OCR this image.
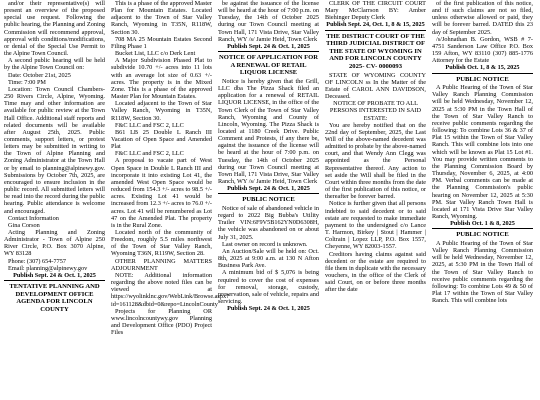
and/or their representative(s) will present an overview of the proposed special use request. Following the public hearing, the Planning and Zoning Commission will recommend approval, approval with conditions/modifications, or denial of the Special Use Permit to the Alpine Town Council.

A second public hearing will be held by the Alpine Town Council on:

Date: October 21st, 2025

Time: 7:00 PM

Location: Town Council Chambers- 250 Rivers Circle, Alpine, Wyoming. Time may and other information are available for public review at the Town Hall Office. Additional staff reports and related documents will be available after August 25th, 2025. Public comments, support letters, or protest letters may be submitted in writing to the Town of Alpine Planning and Zoning Administrator at the Town Hall or by email to planning@alpinewy.gov. Submissions by October 7th, 2025, are encouraged to ensure inclusion in the public record. All submitted letters will be read into the record during the public hearing. Public attendance is welcome and encouraged.

Contact Information

Gina Corson

Acting Planning and Zoning Administrator - Town of Alpine 250 River Circle, P.O. Box 3070 Alpine, WY 83128

Phone: (307) 654-7757

Email: planning@alpinewy.gov

Publish Sept. 24 & Oct. 1, 2025

TENTATIVE PLANNING AND DEVELOPMENT OFFICE AGENDA FOR LINCOLN COUNTY

This is a phase of the approved Master Plan for Mountain Estates. Located adjacent to the Town of Star Valley Ranch, Wyoming in T35N, R118W, Section 30.

708 MA 25 Mountain Estates Second Filing Phase 1

Bucket List, LLC c/o Derk Lent

A Major Subdivision Phased Plat to subdivide 10.70 +/- acres into 11 lots with an average lot size of 0.63 +/- acres. The property is in the Mixed Zone. This is a phase of the approved Master Plan for Mountain Estates.

Located adjacent to the Town of Star Valley Ranch, Wyoming in T35N, R118W, Section 30.

F&C LLC and FSC 2, LLC

B61 LB 25 Double L Ranch III Vacation of Open Space and Amended Plat

F&C LLC and FSC 2, LLC

A proposal to vacate part of West Open Space in Double L Ranch III and incorporate it into existing Lot 41, the amended West Open Space would be reduced from 154.3 +/- acres to 98.5 +/- acres. Existing Lot 41 would be increased from 12.3 +/- acres to 76.0 +/- acres. Lot 41 will be renumbered as Lot 47 on the Amended Plat. The property is in the Rural Zone.

Located north of the community of Freedom, roughly 5.5 miles northwest of the Town of Star Valley Ranch, Wyoming T36N, R119W, Section 28.

OTHER PLANNING MATTERS ADJOURNMENT

NOTE: Additional information regarding the above noted files can be viewed at https://wyolinklnc.gov/WebLink/Browse.aspx?id=161128&dbid=0&repo=LincolnCounty

Projects for Planning OR www.lincolncountywy.gov Planning and Development Office (PDO) Project Files

be against the issuance of the license will be heard at the hour of 7:00 p.m. on Tuesday, the 14th of October 2025 during our Town Council meeting at Town Hall, 171 Vista Drive, Star Valley Ranch, WY /s/ Jamie Heid, Town Clerk

Publish Sept. 24 & Oct. 1, 2025

NOTICE OF APPLICATION FOR A RENEWAL OF RETAIL LIQUOR LICENSE

Notice is hereby given that the Grill, LLC dba The Pizza Shack filed an application for a renewal of RETAIL LIQUOR LICENSE, in the office of the Town Clerk of the Town of Star Valley Ranch, Wyoming and County of Lincoln, Wyoming. The Pizza Shack is located at 1180 Creek Drive. Public Comment and Protests, if any there be, against the issuance of the license will be heard at the hour of 7:00 p.m. on Tuesday, the 14th of October 2025 during our Town Council meeting at Town Hall, 171 Vista Drive, Star Valley Ranch, WY /s/ Jamie Heid, Town Clerk

Publish Sept. 24 & Oct. 1, 2025

PUBLIC NOTICE

Notice of sale of abandoned vehicle in regard to 2022 Big Bubba's Utility Trailer VIN:6F9V5B162YN0D6308H, the vehicle was abandoned on or about July 31, 2025.

Last owner on record is unknown.

An Auction/Sale will be held on: Oct. 8th, 2025 at 9:00 a.m. at 130 N Afton Business Park Ave.

A minimum bid of $ 5,076 is being required to cover the cost of expenses for removal, storage, custody, preservation, sale of vehicle, repairs and servicing.

Publish Sept. 24 & Oct. 1, 2025

CLERK OF THE CIRCUIT COURT Mary McClarrson BY: Amber Biehinger Deputy Clerk

Publish Sept. 24, Oct. 1, 8 & 15, 2025

THE DISTRICT COURT OF THE THIRD JUDICIAL DISTRICT OF THE STATE OF WYOMING IN AND FOR LINCOLN COUNTY 2025- CV- 0000093

STATE OF WYOMING COUNTY OF LINCOLN ss In the Matter of the Estate of CAROL ANN DAVIDSON, Deceased.

NOTICE OF PROBATE TO ALL PERSONS INTERESTED IN SAID ESTATE:

You are hereby notified that on the 22nd day of September, 2025, the Last Will of the above-named decedent was admitted to probate by the above-named court, and that Wendy Ann Clegg was appointed as the Personal Representative thereof. Any action to set aside the Will shall be filed in the Court within three months from the date of the first publication of this notice, or thereafter be forever barred.

Notice is further given that all persons indebted to said decedent or to said estate are requested to make immediate payment to the undersigned c/o Lance T. Harmon, Birkey | Stout | Hammer | Coltrain | Lopez LLP, P.O. Box 1557, Cheyenne, WY 82003-1557.

Creditors having claims against said decedent or the estate are required to file them in duplicate with the necessary vouchers, in the office of the Clerk of said Court, on or before three months after the date

of the first publication of this notice, and if such claims are not so filed, unless otherwise allowed or paid, they will be forever barred. DATED this 23 day of September 2025.

/s/Johnathan B. Gordon, WSB # 7-4751 Sanderson Law Office P.O. Box 159 Afton, WY 83110 (307) 885-1776 Attorney for the Estate

Publish Oct. 1, 8 & 15, 2025

PUBLIC NOTICE

A Public Hearing of the Town of Star Valley Ranch Planning Commission will be held Wednesday, November 12, 2025 at 5:30 PM in the Town Hall of the Town of Star Valley Ranch to receive public comments regarding the following: To combine Lots 36 & 37 of Plat 15 within the Town of Star Valley Ranch. This will combine lots into one which will be known as Plat 15 Lot #1. You may provide written comments to the Planning Commission Board by Thursday, November 6, 2025, at 4:00 PM. Verbal comments can be made at the Planning Commission's public hearing on November 12, 2025 at 5:30 PM. Star Valley Ranch Town Hall is located at 171 Vista Drive Star Valley Ranch, Wyoming.

Publish Oct. 1 & 8, 2025

PUBLIC NOTICE

A Public Hearing of the Town of Star Valley Ranch Planning Commission will be held Wednesday, November 12, 2025, at 5:30 PM in the Town Hall of the Town of Star Valley Ranch to receive public comments regarding the following: To combine Lots 49 & 50 of Plat 17 within the Town of Star Valley Ranch. This will combine lots
